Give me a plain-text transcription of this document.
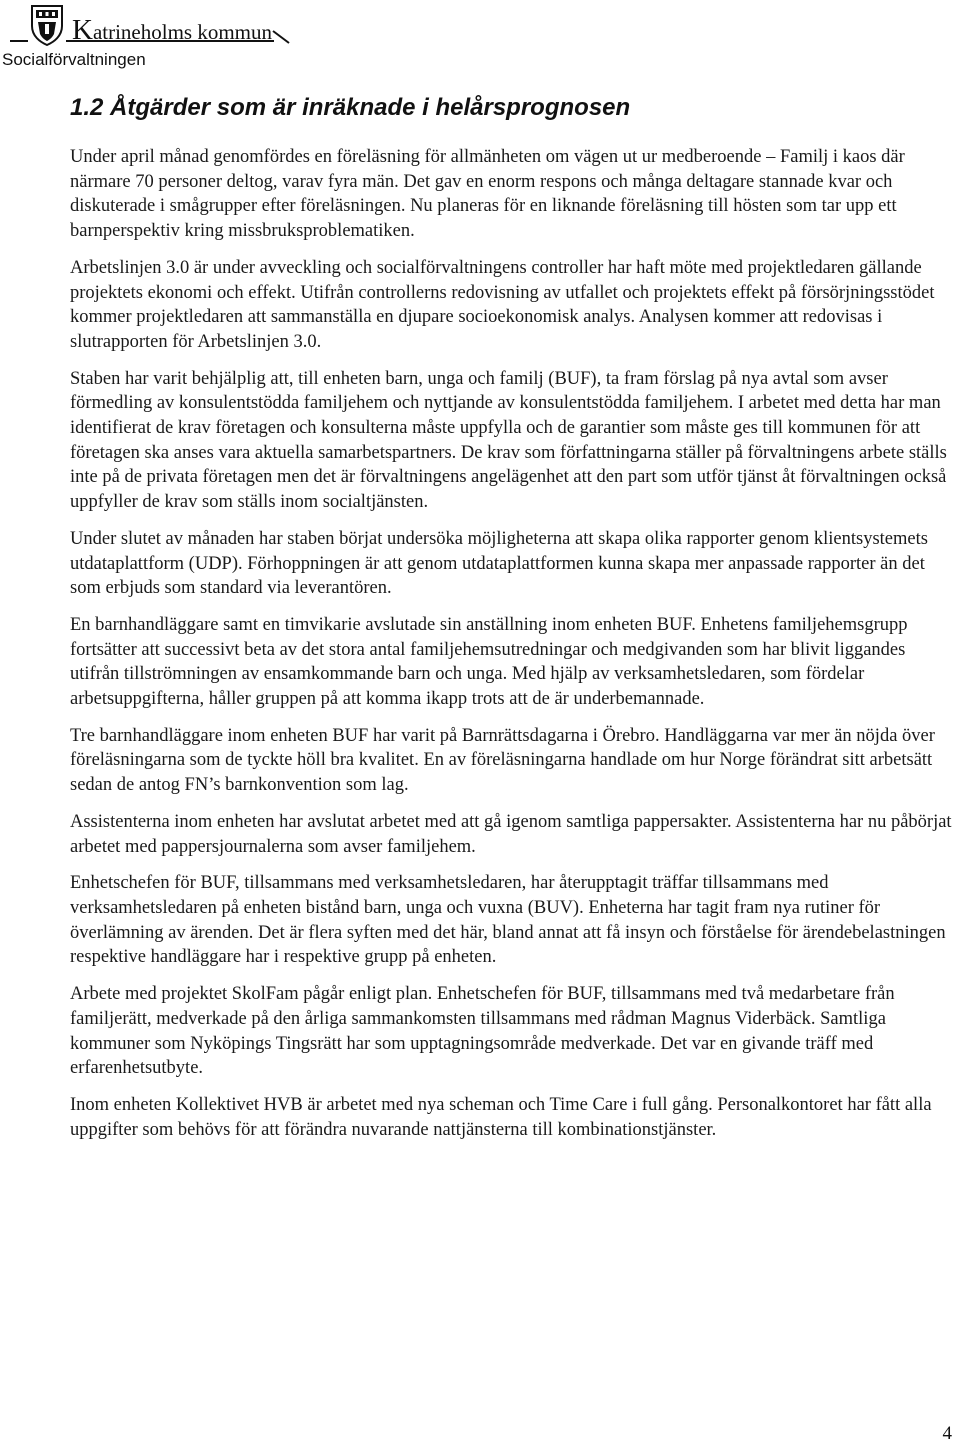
Katrineholms kommun
Socialförvaltningen
1.2 Åtgärder som är inräknade i helårsprognosen

Under april månad genomfördes en föreläsning för allmänheten om vägen ut ur medberoende – Familj i kaos där närmare 70 personer deltog, varav fyra män. Det gav en enorm respons och många deltagare stannade kvar och diskuterade i smågrupper efter föreläsningen. Nu planeras för en liknande föreläsning till hösten som tar upp ett barnperspektiv kring missbruksproblematiken.

Arbetslinjen 3.0 är under avveckling och socialförvaltningens controller har haft möte med projektledaren gällande projektets ekonomi och effekt. Utifrån controllerns redovisning av utfallet och projektets effekt på försörjningsstödet kommer projektledaren att sammanställa en djupare socioekonomisk analys. Analysen kommer att redovisas i slutrapporten för Arbetslinjen 3.0.

Staben har varit behjälplig att, till enheten barn, unga och familj (BUF), ta fram förslag på nya avtal som avser förmedling av konsulentstödda familjehem och nyttjande av konsulentstödda familjehem. I arbetet med detta har man identifierat de krav företagen och konsulterna måste uppfylla och de garantier som måste ges till kommunen för att företagen ska anses vara aktuella samarbetspartners. De krav som författningarna ställer på förvaltningens arbete ställs inte på de privata företagen men det är förvaltningens angelägenhet att den part som utför tjänst åt förvaltningen också uppfyller de krav som ställs inom socialtjänsten.

Under slutet av månaden har staben börjat undersöka möjligheterna att skapa olika rapporter genom klientsystemets utdataplattform (UDP). Förhoppningen är att genom utdataplattformen kunna skapa mer anpassade rapporter än det som erbjuds som standard via leverantören.

En barnhandläggare samt en timvikarie avslutade sin anställning inom enheten BUF. Enhetens familjehemsgrupp fortsätter att successivt beta av det stora antal familjehemsutredningar och medgivanden som har blivit liggandes utifrån tillströmningen av ensamkommande barn och unga. Med hjälp av verksamhetsledaren, som fördelar arbetsuppgifterna, håller gruppen på att komma ikapp trots att de är underbemannade.

Tre barnhandläggare inom enheten BUF har varit på Barnrättsdagarna i Örebro. Handläggarna var mer än nöjda över föreläsningarna som de tyckte höll bra kvalitet. En av föreläsningarna handlade om hur Norge förändrat sitt arbetsätt sedan de antog FN’s barnkonvention som lag.

Assistenterna inom enheten har avslutat arbetet med att gå igenom samtliga pappersakter. Assistenterna har nu påbörjat arbetet med pappersjournalerna som avser familjehem.

Enhetschefen för BUF, tillsammans med verksamhetsledaren, har återupptagit träffar tillsammans med verksamhetsledaren på enheten bistånd barn, unga och vuxna (BUV). Enheterna har tagit fram nya rutiner för överlämning av ärenden. Det är flera syften med det här, bland annat att få insyn och förståelse för ärendebelastningen respektive handläggare har i respektive grupp på enheten.

Arbete med projektet SkolFam pågår enligt plan. Enhetschefen för BUF, tillsammans med två medarbetare från familjerätt, medverkade på den årliga sammankomsten tillsammans med rådman Magnus Viderbäck. Samtliga kommuner som Nyköpings Tingsrätt har som upptagningsområde medverkade. Det var en givande träff med erfarenhetsutbyte.

Inom enheten Kollektivet HVB är arbetet med nya scheman och Time Care i full gång. Personalkontoret har fått alla uppgifter som behövs för att förändra nuvarande nattjänsterna till kombinationstjänster.

4
